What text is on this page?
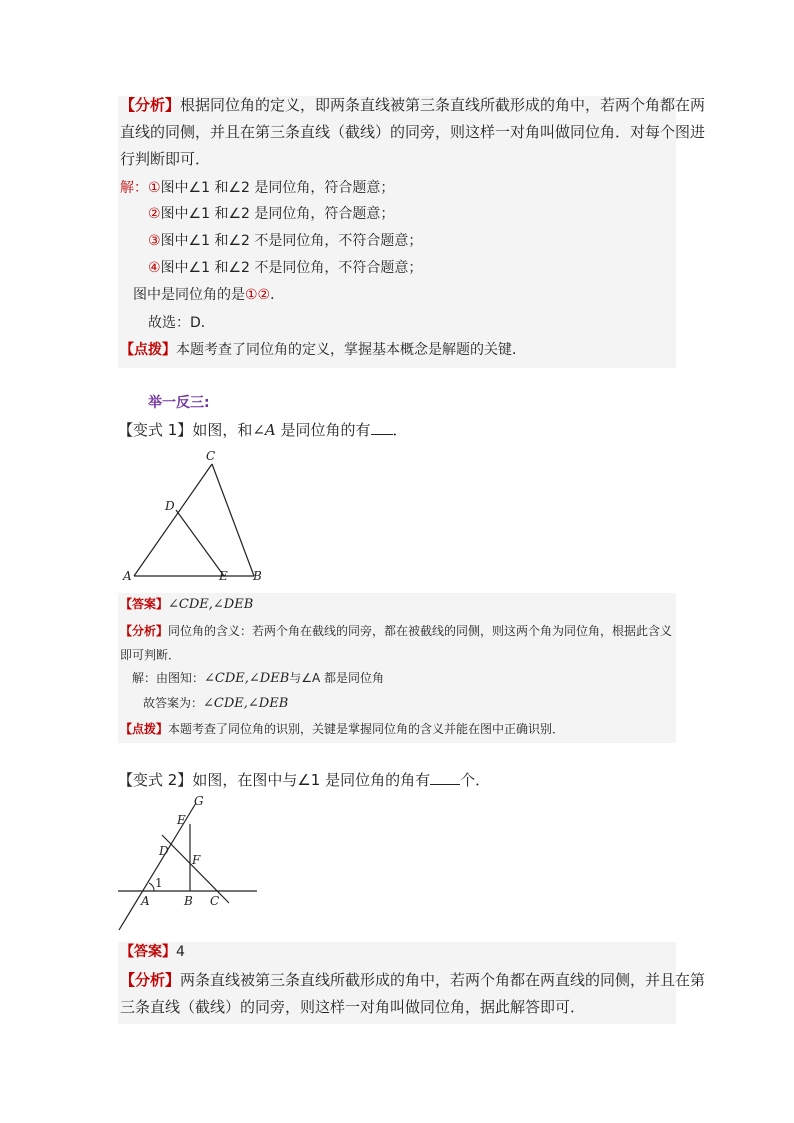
【分析】根据同位角的定义，即两条直线被第三条直线所截形成的角中，若两个角都在两
直线的同侧，并且在第三条直线（截线）的同旁，则这样一对角叫做同位角．对每个图进
行判断即可．
解：①图中∠1 和∠2 是同位角，符合题意；
②图中∠1 和∠2 是同位角，符合题意；
③图中∠1 和∠2 不是同位角，不符合题意；
④图中∠1 和∠2 不是同位角，不符合题意；
图中是同位角的是①②．
故选：D．
【点拨】本题考查了同位角的定义，掌握基本概念是解题的关键．
举一反三:
【变式 1】如图，和∠A 是同位角的有 ．
C
D
A	E B
【答案】∠CDE,∠DEB
【分析】同位角的含义：若两个角在截线的同旁，都在被截线的同侧，则这两个角为同位角，根据此含义
即可判断．
解：由图知：∠CDE,∠DEB与∠A 都是同位角
故答案为：∠CDE,∠DEB
【点拨】本题考查了同位角的识别，关键是掌握同位角的含义并能在图中正确识别．
【变式 2】如图，在图中与∠1 是同位角的角有 个．
G
E
D
F
1
A	B C
【答案】4
【分析】两条直线被第三条直线所截形成的角中，若两个角都在两直线的同侧，并且在第
三条直线（截线）的同旁，则这样一对角叫做同位角，据此解答即可．
